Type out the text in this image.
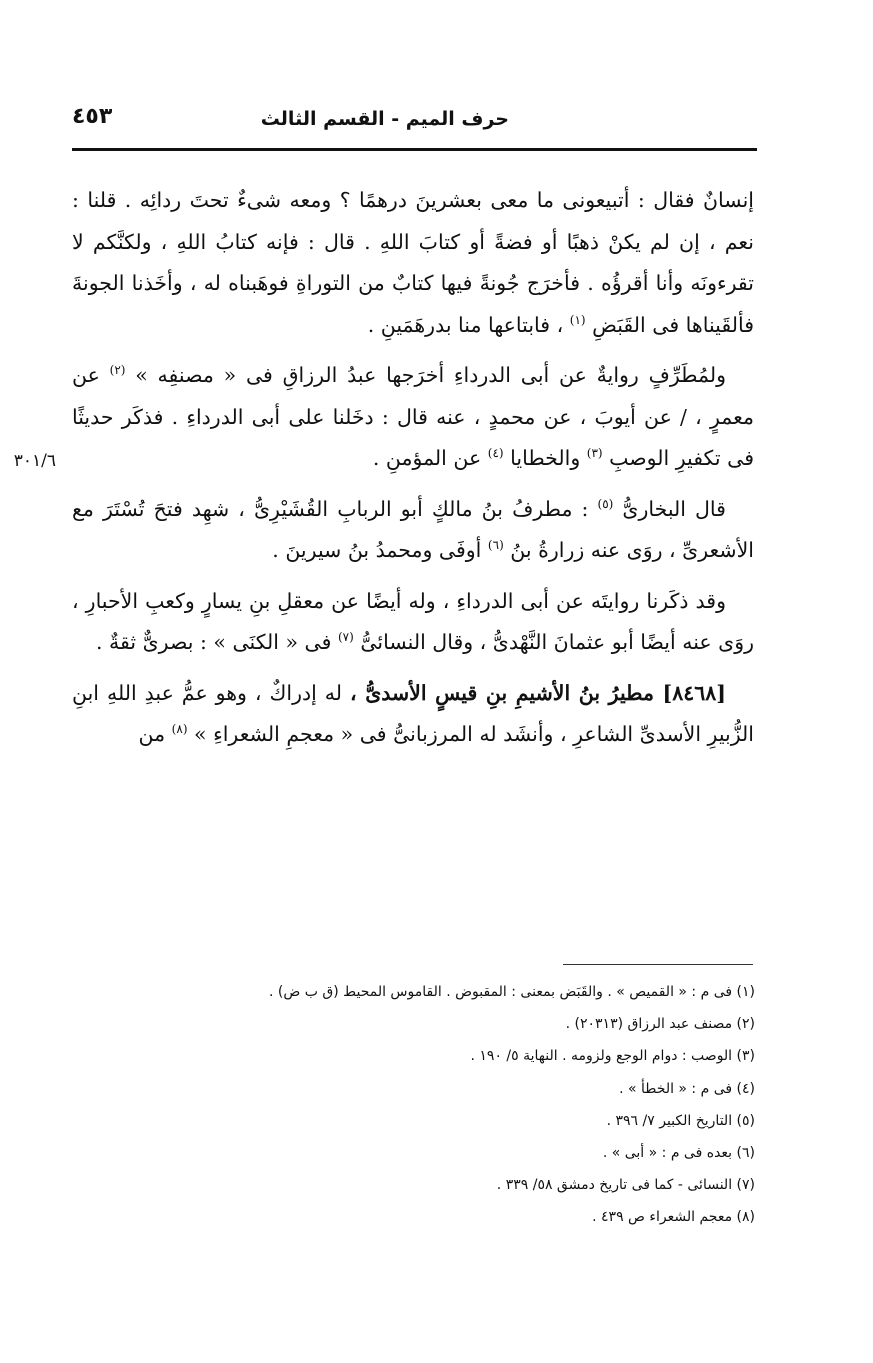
حرف الميم - القسم الثالث
٤٥٣
٣٠١/٦

إنسانٌ فقال : أتبيعونى ما معى بعشرينَ درهمًا ؟ ومعه شىءٌ تحتَ ردائِه . قلنا : نعم ، إن لم يكنْ ذهبًا أو فضةً أو كتابَ اللهِ . قال : فإنه كتابُ اللهِ ، ولكنَّكم لا تقرءونَه وأنا أقرؤُه . فأخرَج جُونةً فيها كتابٌ من التوراةِ فوهَبناه له ، وأخَذنا الجونةَ فألقَيناها فى القَبَضِ $^{(١)}$ ، فابتاعها منا بدرهَمَينِ .

ولمُطَرِّفٍ روايةٌ عن أبى الدرداءِ أخرَجها عبدُ الرزاقِ فى « مصنفِه » $^{(٢)}$ عن معمرٍ ، / عن أيوبَ ، عن محمدٍ ، عنه قال : دخَلنا على أبى الدرداءِ . فذكَر حديثًا فى تكفيرِ الوصبِ $^{(٣)}$ والخطايا $^{(٤)}$ عن المؤمنِ .

قال البخارىُّ $^{(٥)}$ : مطرفُ بنُ مالكٍ أبو الربابِ القُشَيْرِىُّ ، شهِد فتحَ تُسْتَرَ مع الأشعرىِّ ، روَى عنه زرارةُ بنُ $^{(٦)}$ أوفَى ومحمدُ بنُ سيرينَ .

وقد ذكَرنا روايتَه عن أبى الدرداءِ ، وله أيضًا عن معقلِ بنِ يسارٍ وكعبِ الأحبارِ ، روَى عنه أيضًا أبو عثمانَ النَّهْدىُّ ، وقال النسائىُّ $^{(٧)}$ فى « الكنَى » : بصرىٌّ ثقةٌ .

[٨٤٦٨] مطيرُ بنُ الأشيمِ بنِ قيسٍ الأسدىُّ ، له إدراكٌ ، وهو عمُّ عبدِ اللهِ ابنِ الزُّبيرِ الأسدىِّ الشاعرِ ، وأنشَد له المرزبانىُّ فى « معجمِ الشعراءِ » $^{(٨)}$ من

(١) فى م : « القميص » . والقَبَض بمعنى : المقبوض . القاموس المحيط (ق ب ض) .

(٢) مصنف عبد الرزاق (٢٠٣١٣) .

(٣) الوصب : دوام الوجع ولزومه . النهاية ٥/ ١٩٠ .

(٤) فى م : « الخطأ » .

(٥) التاريخ الكبير ٧/ ٣٩٦ .

(٦) بعده فى م : « أبى » .

(٧) النسائى - كما فى تاريخ دمشق ٥٨/ ٣٣٩ .

(٨) معجم الشعراء ص ٤٣٩ .
